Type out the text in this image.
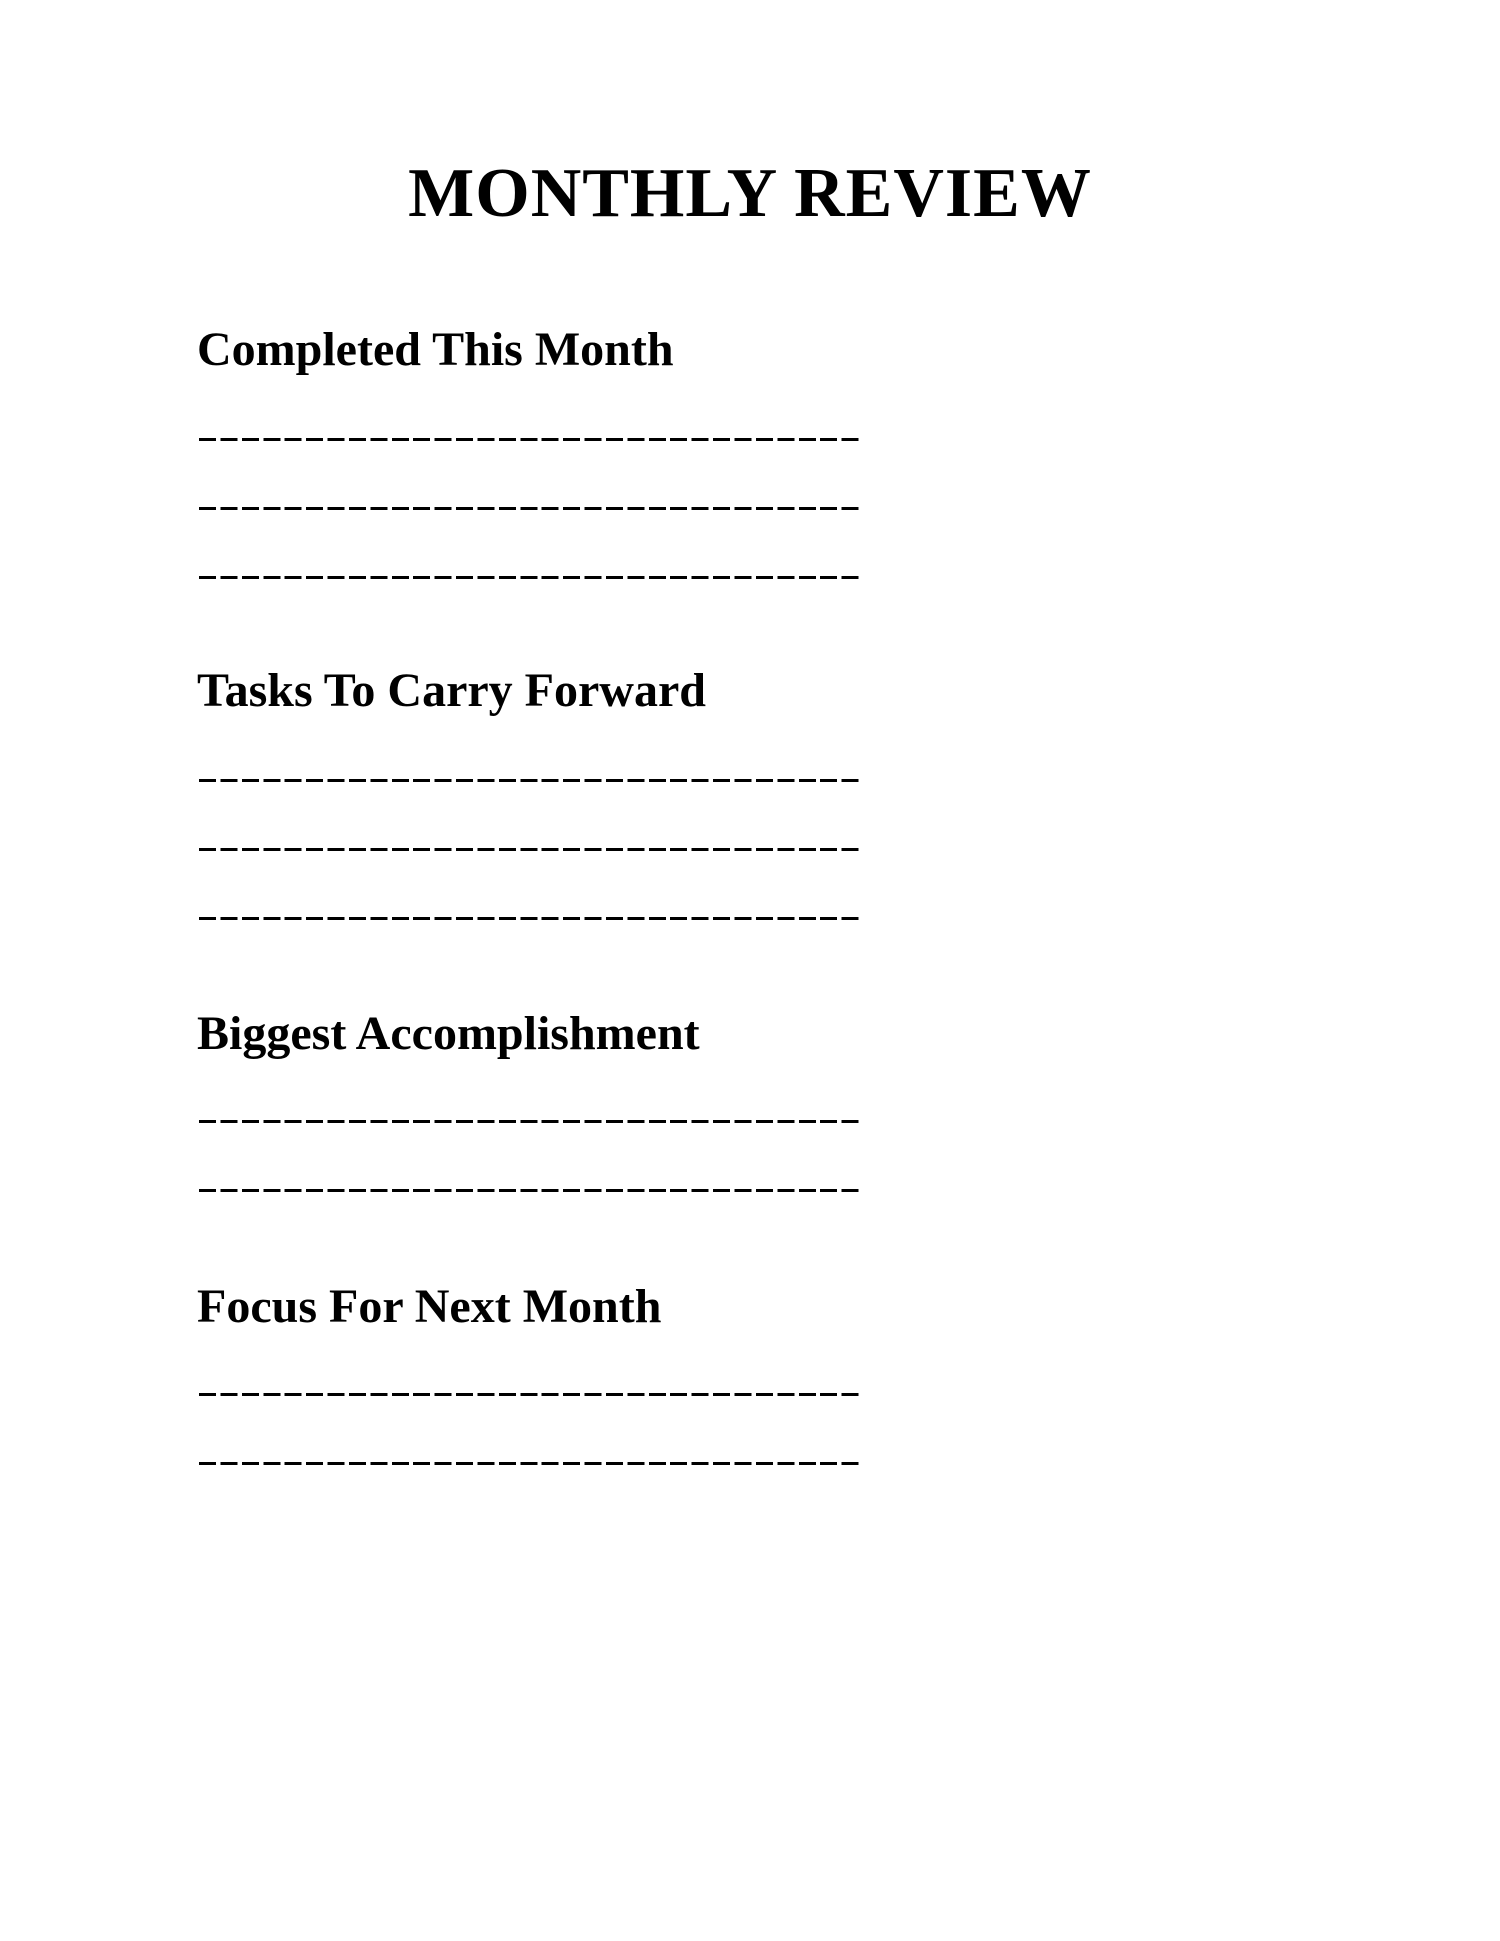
MONTHLY REVIEW
Completed This Month
Tasks To Carry Forward
Biggest Accomplishment
Focus For Next Month
